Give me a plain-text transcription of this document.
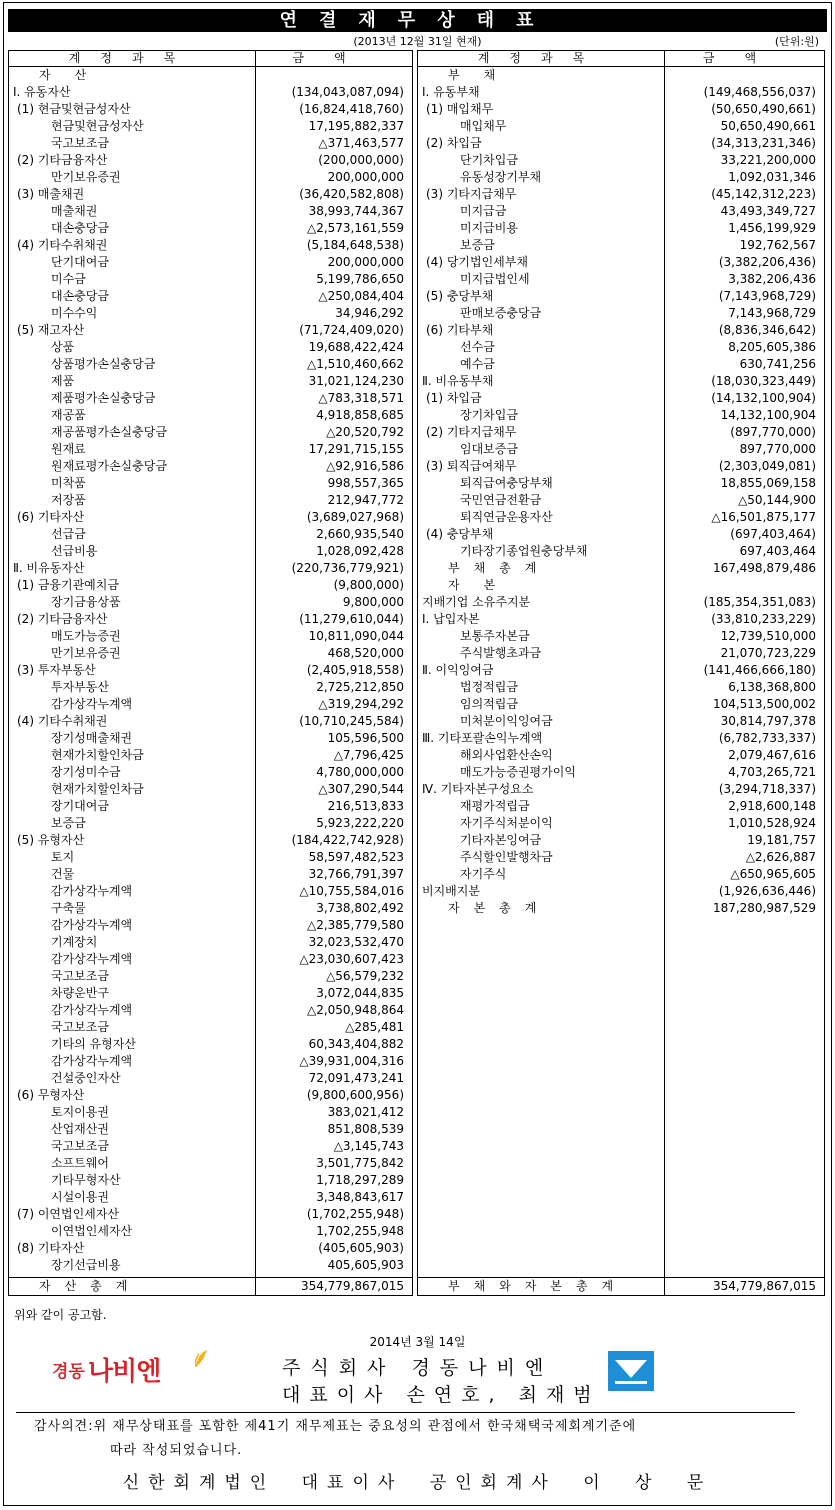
연결재무상태표
(2013년 12월 31일 현재)	(단위:원)
계정과목	금액
자산
Ⅰ. 유동자산	(134,043,087,094)
(1) 현금및현금성자산	(16,824,418,760)
현금및현금성자산	17,195,882,337
국고보조금	△371,463,577
(2) 기타금융자산	(200,000,000)
만기보유증권	200,000,000
(3) 매출채권	(36,420,582,808)
매출채권	38,993,744,367
대손충당금	△2,573,161,559
(4) 기타수취채권	(5,184,648,538)
단기대여금	200,000,000
미수금	5,199,786,650
대손충당금	△250,084,404
미수수익	34,946,292
(5) 재고자산	(71,724,409,020)
상품	19,688,422,424
상품평가손실충당금	△1,510,460,662
제품	31,021,124,230
제품평가손실충당금	△783,318,571
재공품	4,918,858,685
재공품평가손실충당금	△20,520,792
원재료	17,291,715,155
원재료평가손실충당금	△92,916,586
미착품	998,557,365
저장품	212,947,772
(6) 기타자산	(3,689,027,968)
선급금	2,660,935,540
선급비용	1,028,092,428
Ⅱ. 비유동자산	(220,736,779,921)
(1) 금융기관예치금	(9,800,000)
장기금융상품	9,800,000
(2) 기타금융자산	(11,279,610,044)
매도가능증권	10,811,090,044
만기보유증권	468,520,000
(3) 투자부동산	(2,405,918,558)
투자부동산	2,725,212,850
감가상각누계액	△319,294,292
(4) 기타수취채권	(10,710,245,584)
장기성매출채권	105,596,500
현재가치할인차금	△7,796,425
장기성미수금	4,780,000,000
현재가치할인차금	△307,290,544
장기대여금	216,513,833
보증금	5,923,222,220
(5) 유형자산	(184,422,742,928)
토지	58,597,482,523
건물	32,766,791,397
감가상각누계액	△10,755,584,016
구축물	3,738,802,492
감가상각누계액	△2,385,779,580
기계장치	32,023,532,470
감가상각누계액	△23,030,607,423
국고보조금	△56,579,232
차량운반구	3,072,044,835
감가상각누계액	△2,050,948,864
국고보조금	△285,481
기타의 유형자산	60,343,404,882
감가상각누계액	△39,931,004,316
건설중인자산	72,091,473,241
(6) 무형자산	(9,800,600,956)
토지이용권	383,021,412
산업재산권	851,808,539
국고보조금	△3,145,743
소프트웨어	3,501,775,842
기타무형자산	1,718,297,289
시설이용권	3,348,843,617
(7) 이연법인세자산	(1,702,255,948)
이연법인세자산	1,702,255,948
(8) 기타자산	(405,605,903)
장기선급비용	405,605,903
자산총계	354,779,867,015
계정과목	금액
부채
Ⅰ. 유동부채	(149,468,556,037)
(1) 매입채무	(50,650,490,661)
매입채무	50,650,490,661
(2) 차입금	(34,313,231,346)
단기차입금	33,221,200,000
유동성장기부채	1,092,031,346
(3) 기타지급채무	(45,142,312,223)
미지급금	43,493,349,727
미지급비용	1,456,199,929
보증금	192,762,567
(4) 당기법인세부채	(3,382,206,436)
미지급법인세	3,382,206,436
(5) 충당부채	(7,143,968,729)
판매보증충당금	7,143,968,729
(6) 기타부채	(8,836,346,642)
선수금	8,205,605,386
예수금	630,741,256
Ⅱ. 비유동부채	(18,030,323,449)
(1) 차입금	(14,132,100,904)
장기차입금	14,132,100,904
(2) 기타지급채무	(897,770,000)
임대보증금	897,770,000
(3) 퇴직급여채무	(2,303,049,081)
퇴직급여충당부채	18,855,069,158
국민연금전환금	△50,144,900
퇴직연금운용자산	△16,501,875,177
(4) 충당부채	(697,403,464)
기타장기종업원충당부채	697,403,464
부채총계	167,498,879,486
자본
지배기업 소유주지분	(185,354,351,083)
Ⅰ. 납입자본	(33,810,233,229)
보통주자본금	12,739,510,000
주식발행초과금	21,070,723,229
Ⅱ. 이익잉여금	(141,466,666,180)
법정적립금	6,138,368,800
임의적립금	104,513,500,002
미처분이익잉여금	30,814,797,378
Ⅲ. 기타포괄손익누계액	(6,782,733,337)
해외사업환산손익	2,079,467,616
매도가능증권평가이익	4,703,265,721
Ⅳ. 기타자본구성요소	(3,294,718,337)
재평가적립금	2,918,600,148
자기주식처분이익	1,010,528,924
기타자본잉여금	19,181,757
주식할인발행차금	△2,626,887
자기주식	△650,965,605
비지배지분	(1,926,636,446)
자본총계	187,280,987,529
부채와자본총계	354,779,867,015
위와 같이 공고함.
2014년 3월 14일
경동 나비엔	주식회사 경동나비엔
대표이사 손연호, 최재범
감사의견:위 재무상태표를 포함한 제41기 재무제표는 중요성의 관점에서 한국채택국제회계기준에
따라 작성되었습니다.
신한회계법인 대표이사 공인회계사 이 상 문
